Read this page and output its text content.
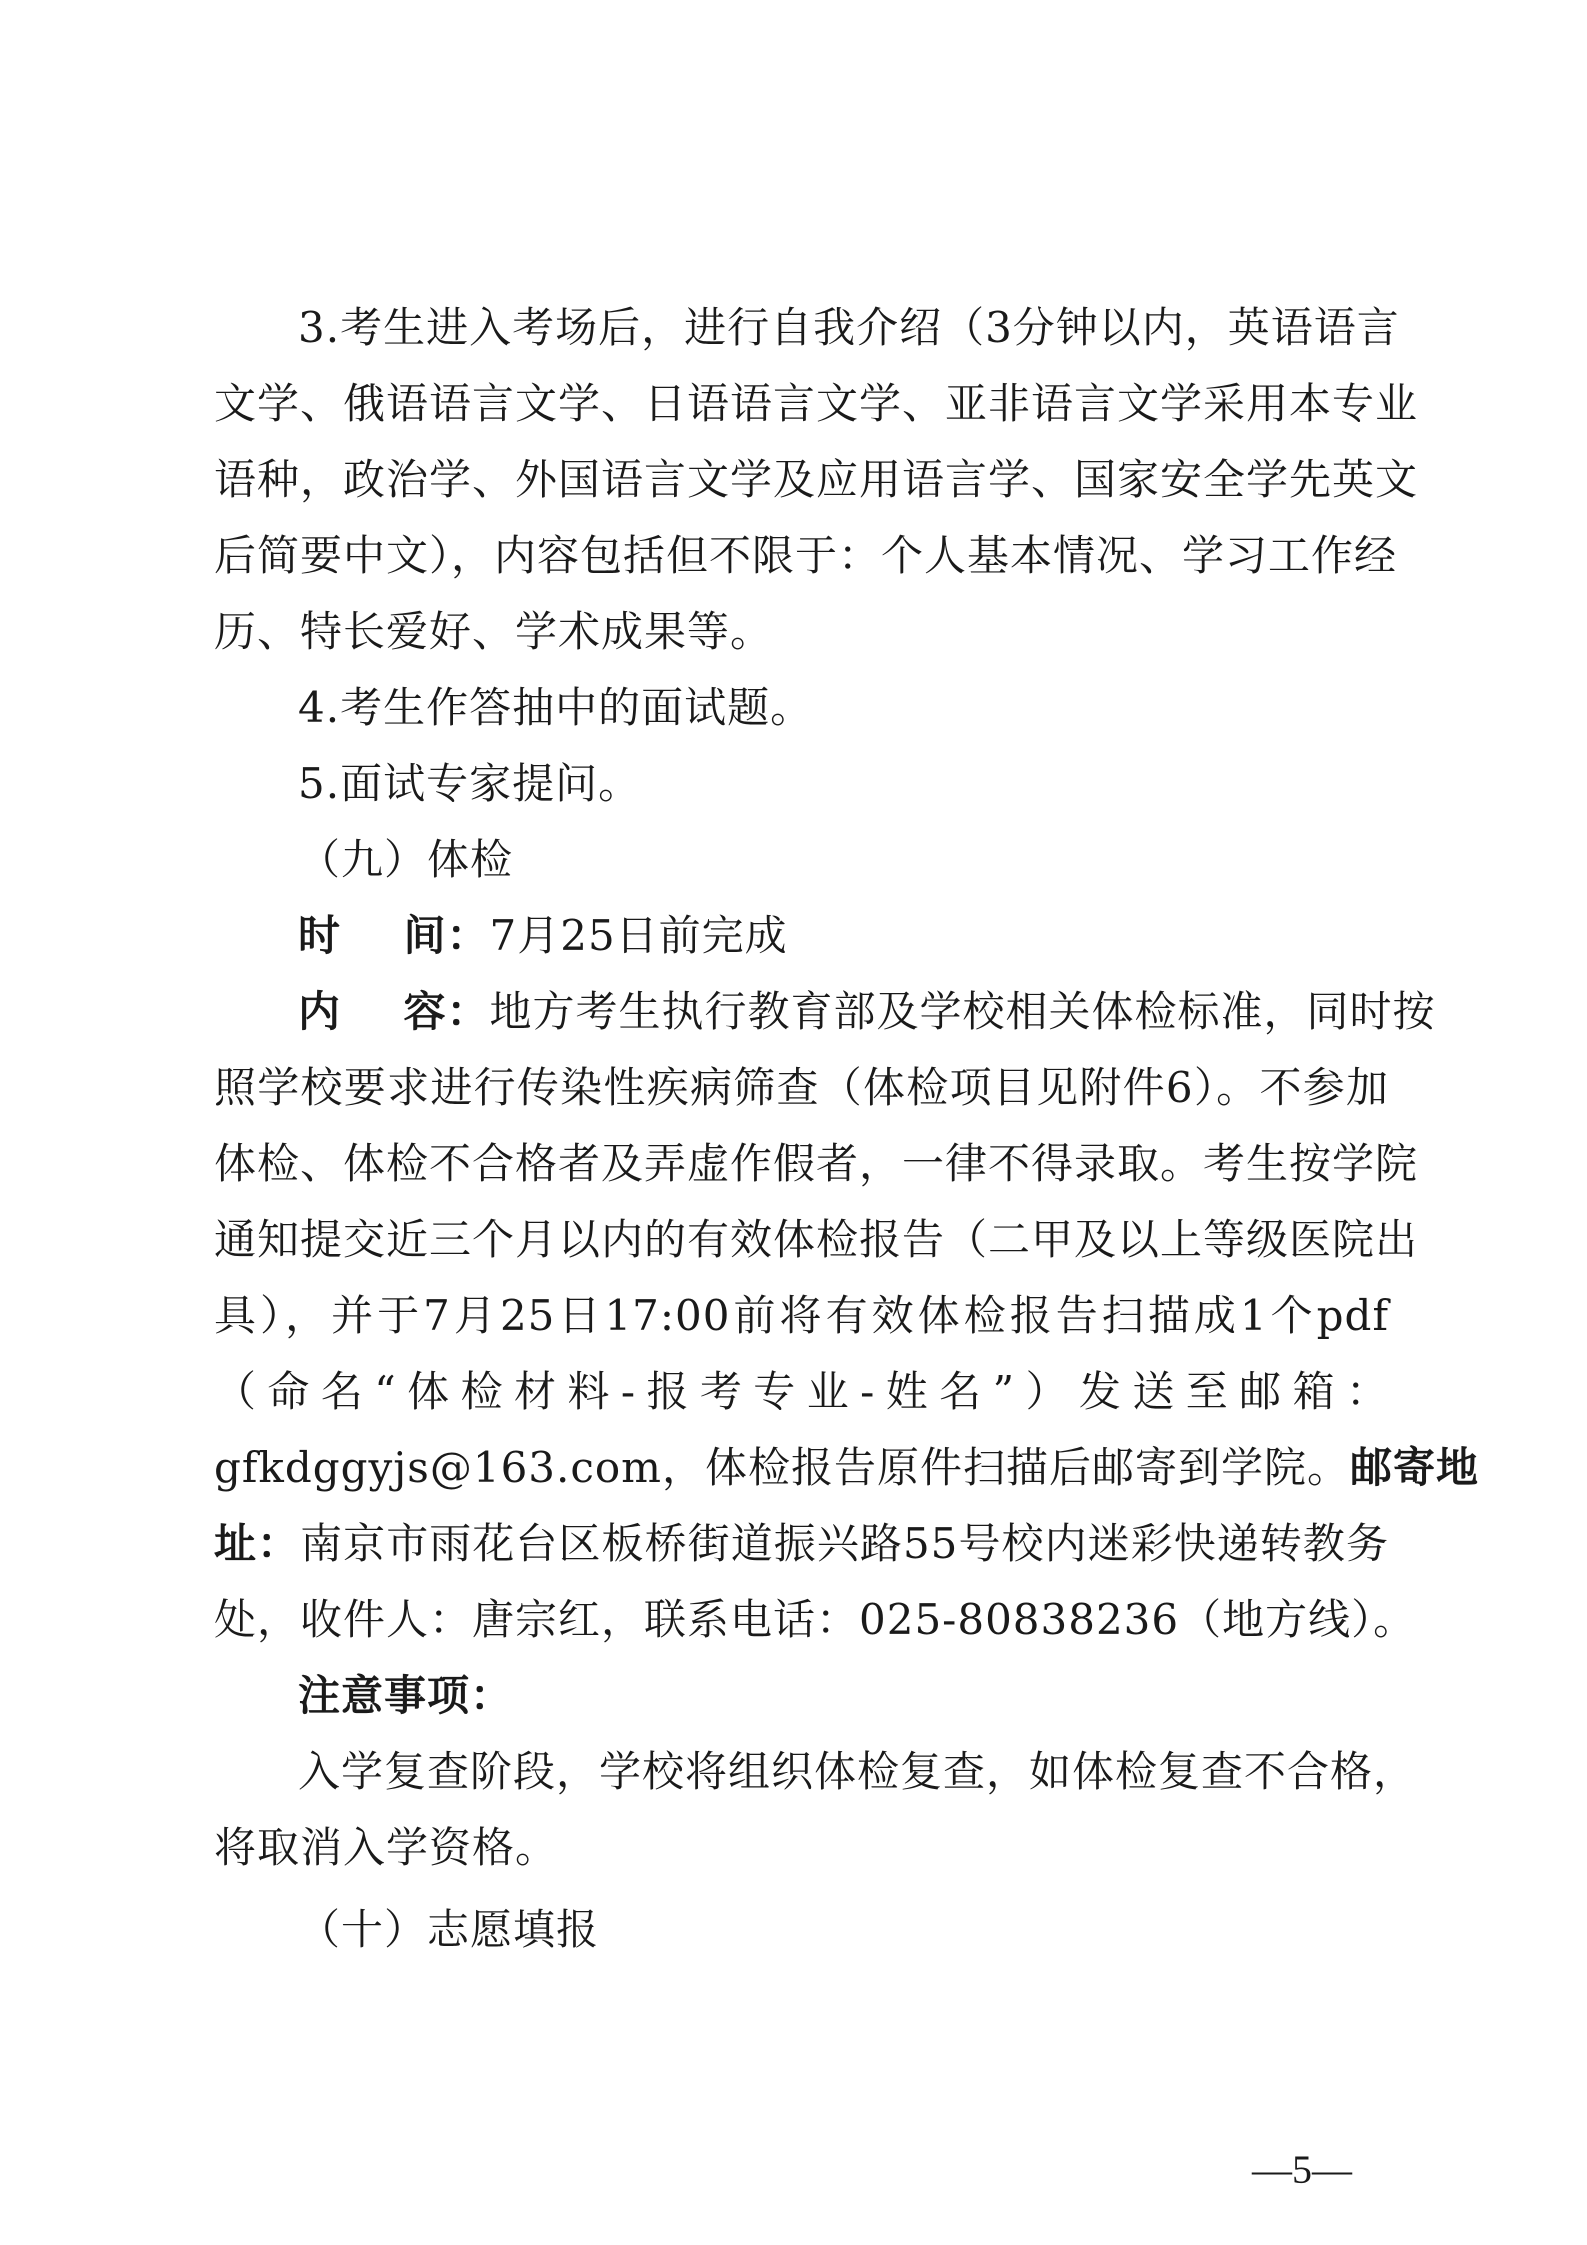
3.考生进入考场后，进行自我介绍（3分钟以内，英语语言
文学、俄语语言文学、日语语言文学、亚非语言文学采用本专业
语种，政治学、外国语言文学及应用语言学、国家安全学先英文
后简要中文），内容包括但不限于：个人基本情况、学习工作经
历、特长爱好、学术成果等。
4.考生作答抽中的面试题。
5.面试专家提问。
（九）体检
时    间：7月25日前完成
内    容：地方考生执行教育部及学校相关体检标准，同时按
照学校要求进行传染性疾病筛查（体检项目见附件6）。不参加
体检、体检不合格者及弄虚作假者，一律不得录取。考生按学院
通知提交近三个月以内的有效体检报告（二甲及以上等级医院出
具），并于7月25日17:00前将有效体检报告扫描成1个pdf
（命名“体检材料-报考专业-姓名”）发送至邮箱：
gfkdggyjs@163.com，体检报告原件扫描后邮寄到学院。邮寄地
址：南京市雨花台区板桥街道振兴路55号校内迷彩快递转教务
处，收件人：唐宗红，联系电话：025-80838236（地方线）。
注意事项：
入学复查阶段，学校将组织体检复查，如体检复查不合格，
将取消入学资格。
（十）志愿填报
—5—
